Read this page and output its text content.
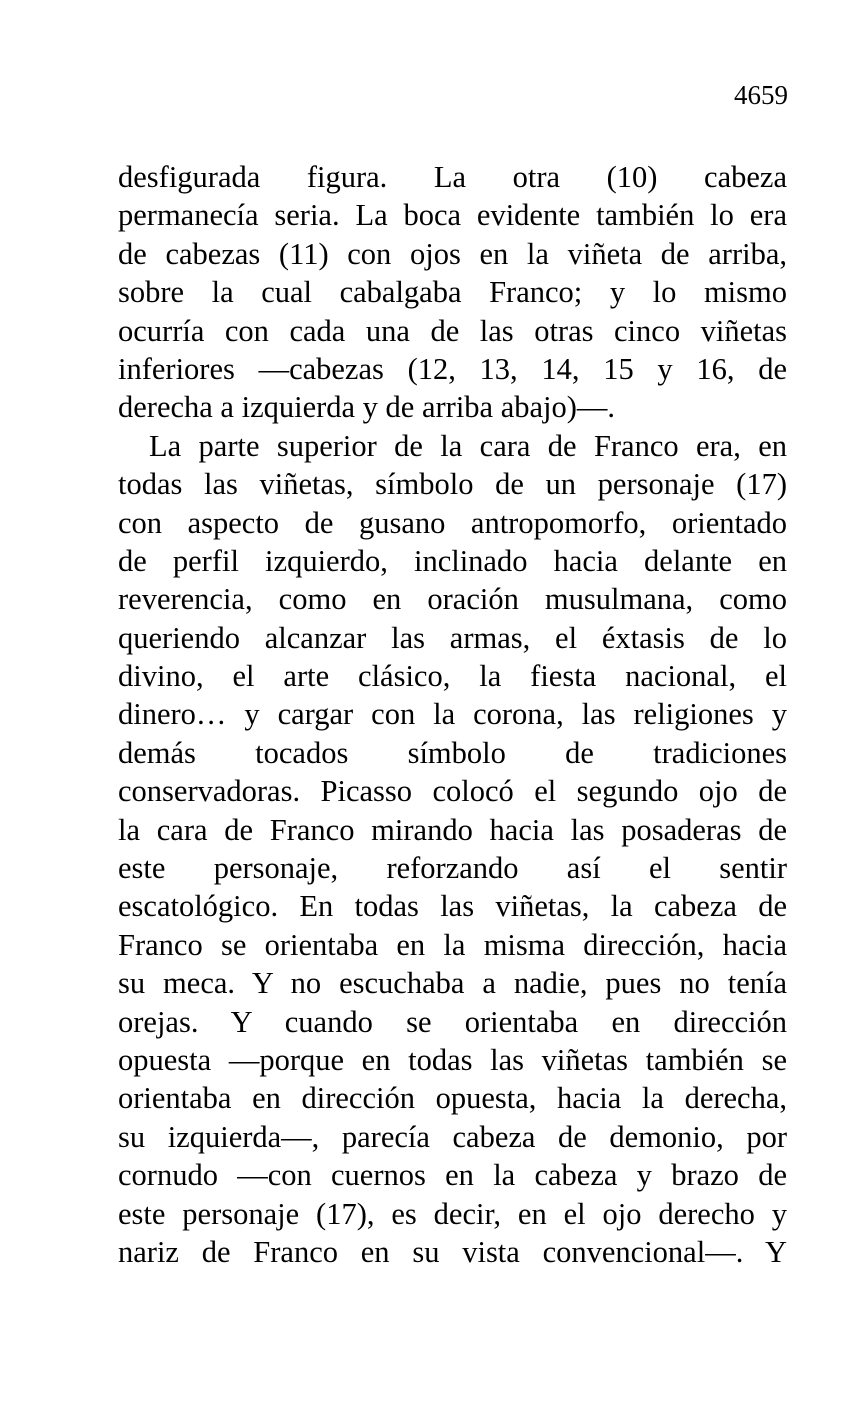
4659
desfigurada figura. La otra (10) cabeza
permanecía seria. La boca evidente también lo era
de cabezas (11) con ojos en la viñeta de arriba,
sobre la cual cabalgaba Franco; y lo mismo
ocurría con cada una de las otras cinco viñetas
inferiores —cabezas (12, 13, 14, 15 y 16, de
derecha a izquierda y de arriba abajo)—.
La parte superior de la cara de Franco era, en
todas las viñetas, símbolo de un personaje (17)
con aspecto de gusano antropomorfo, orientado
de perfil izquierdo, inclinado hacia delante en
reverencia, como en oración musulmana, como
queriendo alcanzar las armas, el éxtasis de lo
divino, el arte clásico, la fiesta nacional, el
dinero… y cargar con la corona, las religiones y
demás tocados símbolo de tradiciones
conservadoras. Picasso colocó el segundo ojo de
la cara de Franco mirando hacia las posaderas de
este personaje, reforzando así el sentir
escatológico. En todas las viñetas, la cabeza de
Franco se orientaba en la misma dirección, hacia
su meca. Y no escuchaba a nadie, pues no tenía
orejas. Y cuando se orientaba en dirección
opuesta —porque en todas las viñetas también se
orientaba en dirección opuesta, hacia la derecha,
su izquierda—, parecía cabeza de demonio, por
cornudo —con cuernos en la cabeza y brazo de
este personaje (17), es decir, en el ojo derecho y
nariz de Franco en su vista convencional—. Y
